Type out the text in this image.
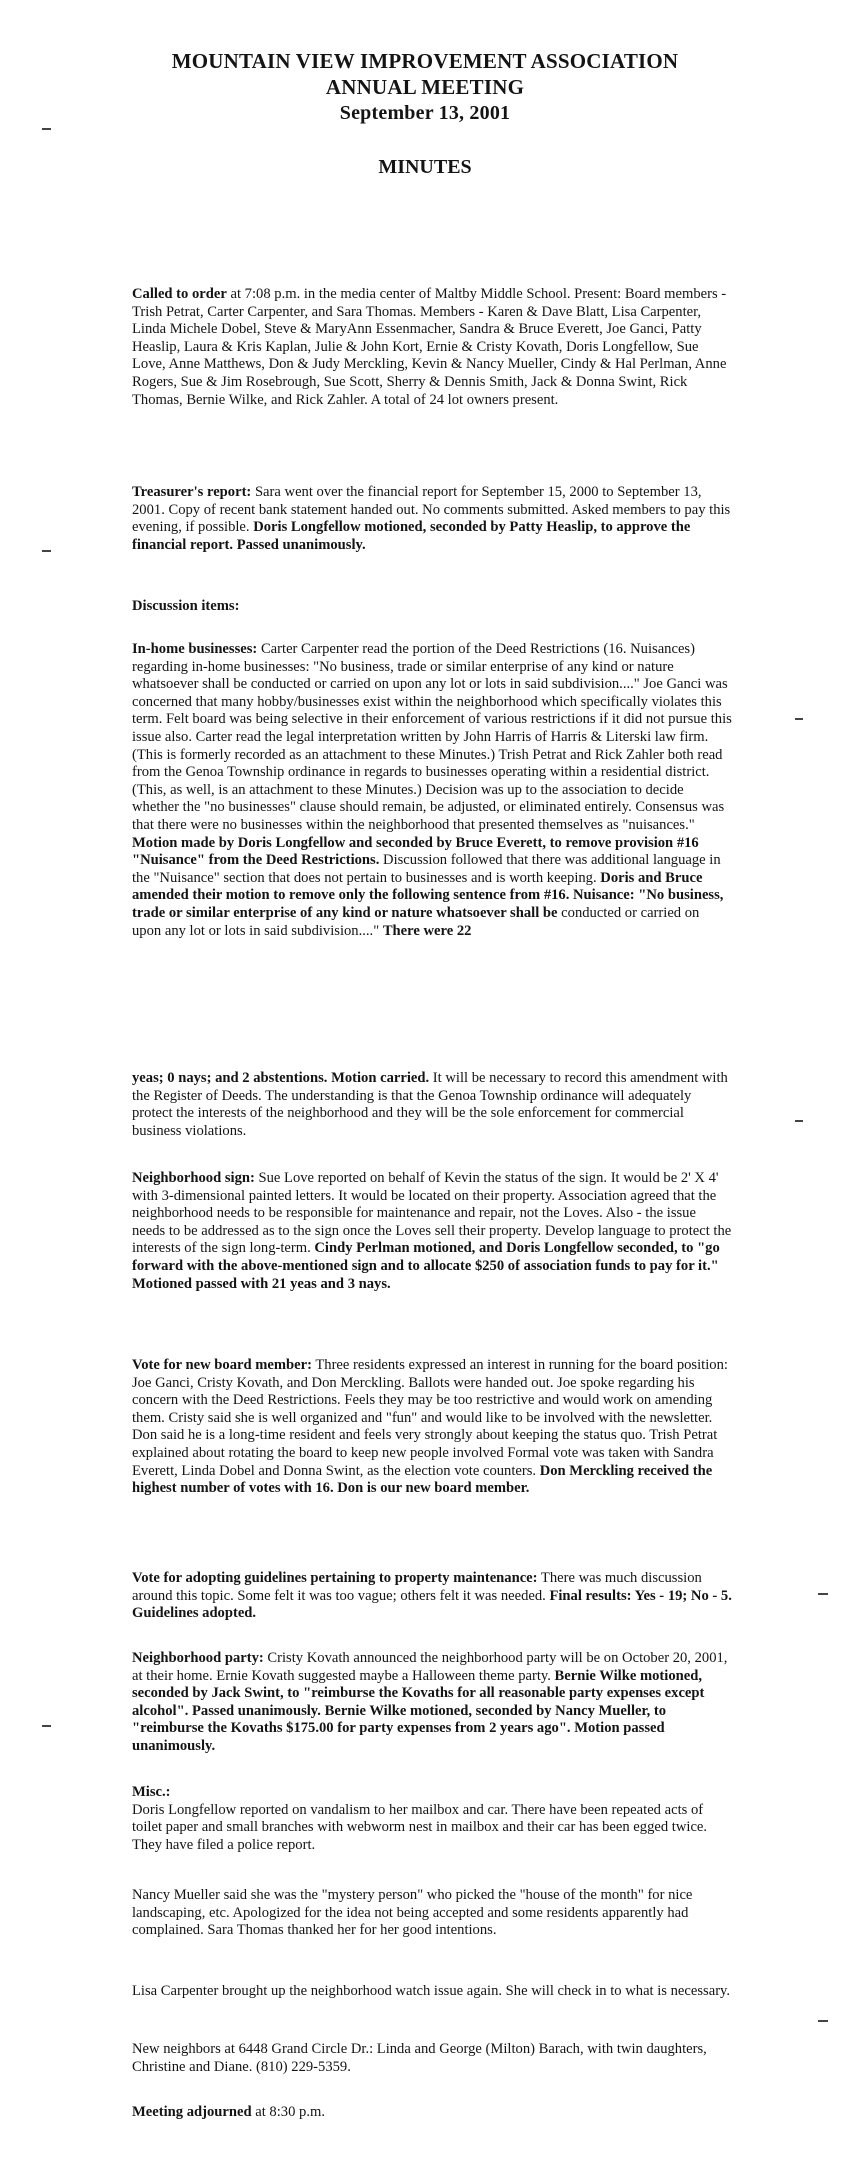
MOUNTAIN VIEW IMPROVEMENT ASSOCIATION
ANNUAL MEETING
September 13, 2001
MINUTES

Called to order at 7:08 p.m. in the media center of Maltby Middle School. Present: Board members - Trish Petrat, Carter Carpenter, and Sara Thomas. Members - Karen & Dave Blatt, Lisa Carpenter, Linda Michele Dobel, Steve & MaryAnn Essenmacher, Sandra & Bruce Everett, Joe Ganci, Patty Heaslip, Laura & Kris Kaplan, Julie & John Kort, Ernie & Cristy Kovath, Doris Longfellow, Sue Love, Anne Matthews, Don & Judy Merckling, Kevin & Nancy Mueller, Cindy & Hal Perlman, Anne Rogers, Sue & Jim Rosebrough, Sue Scott, Sherry & Dennis Smith, Jack & Donna Swint, Rick Thomas, Bernie Wilke, and Rick Zahler. A total of 24 lot owners present.

Treasurer's report: Sara went over the financial report for September 15, 2000 to September 13, 2001. Copy of recent bank statement handed out. No comments submitted. Asked members to pay this evening, if possible. Doris Longfellow motioned, seconded by Patty Heaslip, to approve the financial report. Passed unanimously.

Discussion items:

In-home businesses: Carter Carpenter read the portion of the Deed Restrictions (16. Nuisances) regarding in-home businesses: "No business, trade or similar enterprise of any kind or nature whatsoever shall be conducted or carried on upon any lot or lots in said subdivision...." Joe Ganci was concerned that many hobby/businesses exist within the neighborhood which specifically violates this term. Felt board was being selective in their enforcement of various restrictions if it did not pursue this issue also. Carter read the legal interpretation written by John Harris of Harris & Literski law firm. (This is formerly recorded as an attachment to these Minutes.) Trish Petrat and Rick Zahler both read from the Genoa Township ordinance in regards to businesses operating within a residential district. (This, as well, is an attachment to these Minutes.) Decision was up to the association to decide whether the "no businesses" clause should remain, be adjusted, or eliminated entirely. Consensus was that there were no businesses within the neighborhood that presented themselves as "nuisances." Motion made by Doris Longfellow and seconded by Bruce Everett, to remove provision #16 "Nuisance" from the Deed Restrictions. Discussion followed that there was additional language in the "Nuisance" section that does not pertain to businesses and is worth keeping. Doris and Bruce amended their motion to remove only the following sentence from #16. Nuisance: "No business, trade or similar enterprise of any kind or nature whatsoever shall be conducted or carried on upon any lot or lots in said subdivision...." There were 22

yeas; 0 nays; and 2 abstentions. Motion carried. It will be necessary to record this amendment with the Register of Deeds. The understanding is that the Genoa Township ordinance will adequately protect the interests of the neighborhood and they will be the sole enforcement for commercial business violations.

Neighborhood sign: Sue Love reported on behalf of Kevin the status of the sign. It would be 2' X 4' with 3-dimensional painted letters. It would be located on their property. Association agreed that the neighborhood needs to be responsible for maintenance and repair, not the Loves. Also - the issue needs to be addressed as to the sign once the Loves sell their property. Develop language to protect the interests of the sign long-term. Cindy Perlman motioned, and Doris Longfellow seconded, to "go forward with the above-mentioned sign and to allocate $250 of association funds to pay for it." Motioned passed with 21 yeas and 3 nays.

Vote for new board member: Three residents expressed an interest in running for the board position: Joe Ganci, Cristy Kovath, and Don Merckling. Ballots were handed out. Joe spoke regarding his concern with the Deed Restrictions. Feels they may be too restrictive and would work on amending them. Cristy said she is well organized and "fun" and would like to be involved with the newsletter. Don said he is a long-time resident and feels very strongly about keeping the status quo. Trish Petrat explained about rotating the board to keep new people involved Formal vote was taken with Sandra Everett, Linda Dobel and Donna Swint, as the election vote counters. Don Merckling received the highest number of votes with 16. Don is our new board member.

Vote for adopting guidelines pertaining to property maintenance: There was much discussion around this topic. Some felt it was too vague; others felt it was needed. Final results: Yes - 19; No - 5. Guidelines adopted.

Neighborhood party: Cristy Kovath announced the neighborhood party will be on October 20, 2001, at their home. Ernie Kovath suggested maybe a Halloween theme party. Bernie Wilke motioned, seconded by Jack Swint, to "reimburse the Kovaths for all reasonable party expenses except alcohol". Passed unanimously. Bernie Wilke motioned, seconded by Nancy Mueller, to "reimburse the Kovaths $175.00 for party expenses from 2 years ago". Motion passed unanimously.

Misc.:

Doris Longfellow reported on vandalism to her mailbox and car. There have been repeated acts of toilet paper and small branches with webworm nest in mailbox and their car has been egged twice. They have filed a police report.

Nancy Mueller said she was the "mystery person" who picked the "house of the month" for nice landscaping, etc. Apologized for the idea not being accepted and some residents apparently had complained. Sara Thomas thanked her for her good intentions.

Lisa Carpenter brought up the neighborhood watch issue again. She will check in to what is necessary.

New neighbors at 6448 Grand Circle Dr.: Linda and George (Milton) Barach, with twin daughters, Christine and Diane. (810) 229-5359.

Meeting adjourned at 8:30 p.m.
